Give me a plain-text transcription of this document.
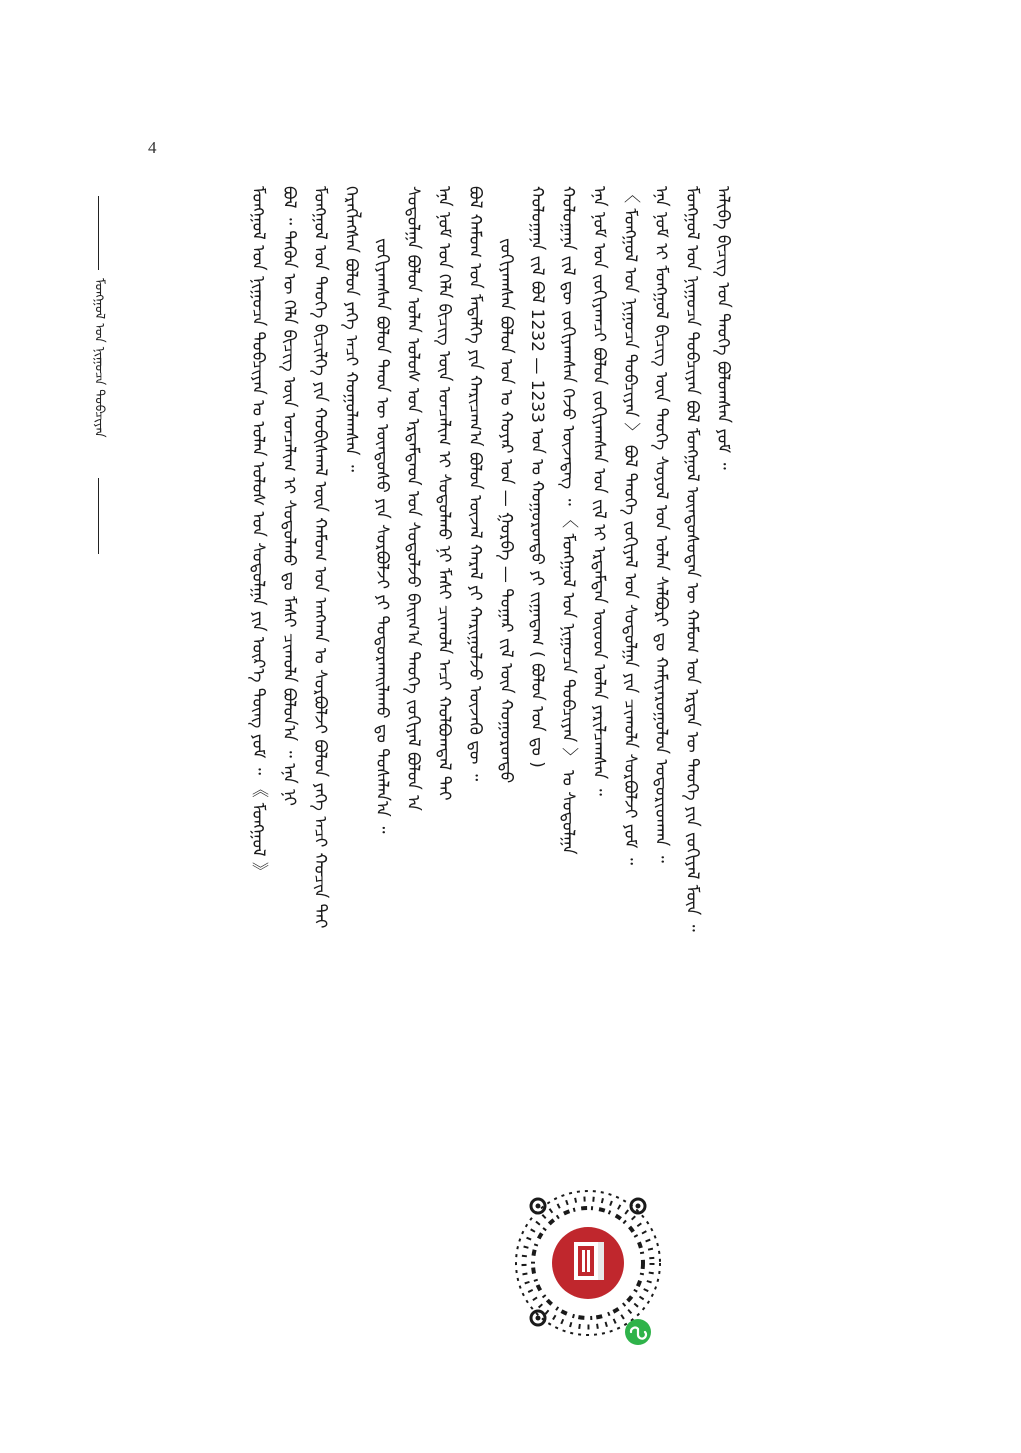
4
ᠮᠣᠩᠭᠣᠯ ᠤᠨ ᠨᠢᠭᠤᠴᠠ ᠲᠣᠪᠴᠢᠶᠠᠨ	ᠠᠯᠢᠪᠠ ᠪᠢᠴᠢᠭ ᠤᠨ ᠲᠡᠦᠬᠡ ᠪᠣᠯᠤᠭᠰᠠᠨ ᠶᠤᠮ ᠃
ᠮᠣᠩᠭᠣᠯ ᠤᠨ ᠨᠢᠭᠤᠴᠠ ᠲᠣᠪᠴᠢᠶᠠᠨ ᠪᠣᠯ ᠮᠣᠩᠭᠣᠯ ᠦᠨᠳᠦᠰᠦᠲᠡᠨ ᠦ ᠬᠠᠮᠤᠭ ᠤᠨ ᠡᠷᠲᠡᠨ ᠦ ᠲᠡᠦᠬᠡ ᠶᠢᠨ ᠵᠣᠬᠢᠶᠠᠯ ᠮᠥᠨ ᠃
ᠡᠨᠡ ᠨᠣᠮ ᠢ ᠮᠣᠩᠭᠣᠯ ᠪᠢᠴᠢᠭ ᠦᠨ ᠲᠡᠦᠬᠡ ᠰᠣᠶᠣᠯ ᠤᠨ ᠣᠯᠠᠨ ᠰᠠᠯᠪᠤᠷᠢ ᠳᠤ ᠬᠠᠮᠢᠶᠠᠷᠤᠭᠤᠯᠤᠨ ᠤᠳᠤᠷᠢᠳᠬᠠᠨ ᠃
〈 ᠮᠣᠩᠭᠣᠯ ᠤᠨ ᠨᠢᠭᠤᠴᠠ ᠲᠣᠪᠴᠢᠶᠠᠨ 〉 ᠪᠣᠯ ᠲᠡᠦᠬᠡ ᠵᠣᠬᠢᠶᠠᠯ ᠤᠨ ᠰᠣᠳᠤᠯᠭᠠ ᠶᠢᠨ ᠴᠢᠬᠤᠯᠠ ᠰᠤᠷᠪᠤᠯᠵᠢ ᠶᠤᠮ ᠃
ᠡᠨᠡ ᠨᠣᠮ ᠤᠨ ᠵᠣᠬᠢᠶᠠᠭᠴᠢ ᠪᠣᠯᠤᠨ ᠵᠣᠬᠢᠶᠠᠭᠰᠠᠨ ᠣᠨ ᠵᠢᠯ ᠢ ᠡᠷᠳᠡᠮᠲᠡᠨ ᠦᠦᠳ ᠣᠯᠠᠨ ᠶᠠᠷᠢᠯᠴᠠᠭᠰᠠᠨ ᠃
ᠬᠤᠯᠤᠭᠠᠨᠠ ᠵᠢᠯ ᠳᠦ ᠵᠣᠬᠢᠶᠠᠭᠰᠠᠨ ᠭᠡᠵᠦ ᠦᠵᠡᠳᠡᠭ ᠃ 〈 ᠮᠣᠩᠭᠣᠯ ᠤᠨ ᠨᠢᠭᠤᠴᠠ ᠲᠣᠪᠴᠢᠶᠠᠨ 〉 ᠤ ᠰᠤᠳᠤᠯᠭᠠ
ᠬᠤᠯᠤᠭᠠᠨᠠ ᠵᠢᠯ ᠪᠣᠯ 1232 — 1233 ᠣᠨ ᠤ ᠬᠣᠭᠣᠷᠣᠨᠳᠤ ᠶᠢ ᠵᠢᠭᠠᠳᠠᠭ ( ᠪᠣᠯᠤᠨ ᠣᠨ ᠳᠤ )
ᠵᠣᠬᠢᠶᠠᠭᠰᠠᠨ ᠪᠣᠯᠤᠨ ᠣᠨ ᠤ ᠬᠣᠶᠠᠷ ᠤᠨ — ᠭᠤᠷᠪᠠ — ᠳᠤᠭᠠᠷ ᠵᠢᠯ ᠦᠨ ᠬᠣᠭᠣᠷᠣᠨᠳᠤ
ᠪᠣᠯ ᠬᠠᠮᠤᠭ ᠤᠨ ᠮᠡᠳᠡᠯᠭᠡ ᠶᠢᠨ ᠬᠠᠷᠢᠴᠠᠭ᠎ᠠ ᠪᠣᠯᠤᠨ ᠦᠵᠡᠯ ᠬᠠᠷᠠᠯ ᠶᠢ ᠬᠠᠷᠢᠭᠤᠯᠵᠤ ᠦᠵᠡᠬᠦ ᠳᠦ ᠃
ᠡᠨᠡ ᠨᠣᠮ ᠤᠨ ᠬᠡᠯᠡ ᠪᠢᠴᠢᠭ ᠦᠨ ᠣᠨᠴᠠᠯᠢᠭ ᠢ ᠰᠤᠳᠤᠯᠬᠤ ᠨᠢ ᠮᠠᠰᠢ ᠴᠢᠬᠤᠯᠠ ᠠᠴᠢ ᠬᠣᠯᠪᠤᠭᠳᠠᠯ ᠲᠠᠢ
ᠰᠤᠳᠤᠯᠭᠠ ᠪᠣᠯᠤᠨ ᠣᠯᠠᠨ ᠤᠯᠤᠰ ᠤᠨ ᠡᠷᠳᠡᠮᠲᠡᠳ ᠤᠨ ᠰᠤᠳᠤᠯᠵᠤ ᠪᠠᠢᠭ᠎ᠠ ᠲᠡᠦᠬᠡ ᠵᠣᠬᠢᠶᠠᠯ ᠪᠣᠯᠤᠨ ᠠ
ᠵᠣᠬᠢᠶᠠᠭᠰᠠᠨ ᠪᠣᠯᠤᠨ ᠲᠡᠦᠨ ᠦ ᠦᠨᠳᠦᠰᠦ ᠶᠢᠨ ᠰᠤᠷᠪᠤᠯᠵᠢ ᠶᠢ ᠲᠣᠳᠣᠷᠬᠠᠢᠯᠠᠬᠤ ᠳᠤ ᠲᠤᠰᠠᠯᠠᠨ᠎ᠠ ᠃
ᠬᠡᠷᠡᠭᠯᠡᠭᠰᠡᠨ ᠪᠣᠯᠤᠨ ᠶᠡᠬᠡ ᠠᠴᠢ ᠬᠤᠭᠤᠯᠠᠭᠰᠠᠨ ᠃
ᠮᠣᠩᠭᠣᠯ ᠤᠨ ᠲᠡᠦᠬᠡ ᠪᠢᠴᠢᠯᠭᠡ ᠶᠢᠨ ᠬᠤᠪᠢᠰᠬᠠᠯ ᠦᠨ ᠬᠠᠮᠤᠭ ᠤᠨ ᠠᠩᠬᠠᠨ ᠤ ᠰᠤᠷᠪᠤᠯᠵᠢ ᠪᠣᠯᠤᠨ ᠶᠡᠬᠡ ᠠᠴᠢ ᠬᠤᠴᠢᠨ ᠲᠠᠢ
ᠪᠣᠯ ᠃ ᠲᠡᠭᠦᠨ ᠦ ᠬᠡᠯᠡ ᠪᠢᠴᠢᠭ ᠦᠨ ᠣᠨᠴᠠᠯᠢᠭ ᠢ ᠰᠤᠳᠤᠯᠬᠤ ᠳᠤ ᠮᠠᠰᠢ ᠴᠢᠬᠤᠯᠠ ᠪᠣᠯᠤᠨ᠎ᠠ ᠃ ᠡᠨᠡ ᠨᠢ
ᠮᠣᠩᠭᠣᠯ ᠤᠨ ᠨᠢᠭᠤᠴᠠ ᠲᠣᠪᠴᠢᠶᠠᠨ ᠤ ᠣᠯᠠᠨ ᠤᠯᠤᠰ ᠤᠨ ᠰᠤᠳᠤᠯᠭᠠ ᠶᠢᠨ ᠦᠷ᠎ᠡ ᠳᠦᠩ ᠶᠤᠮ ᠃ 《 ᠮᠣᠩᠭᠣᠯ 》
